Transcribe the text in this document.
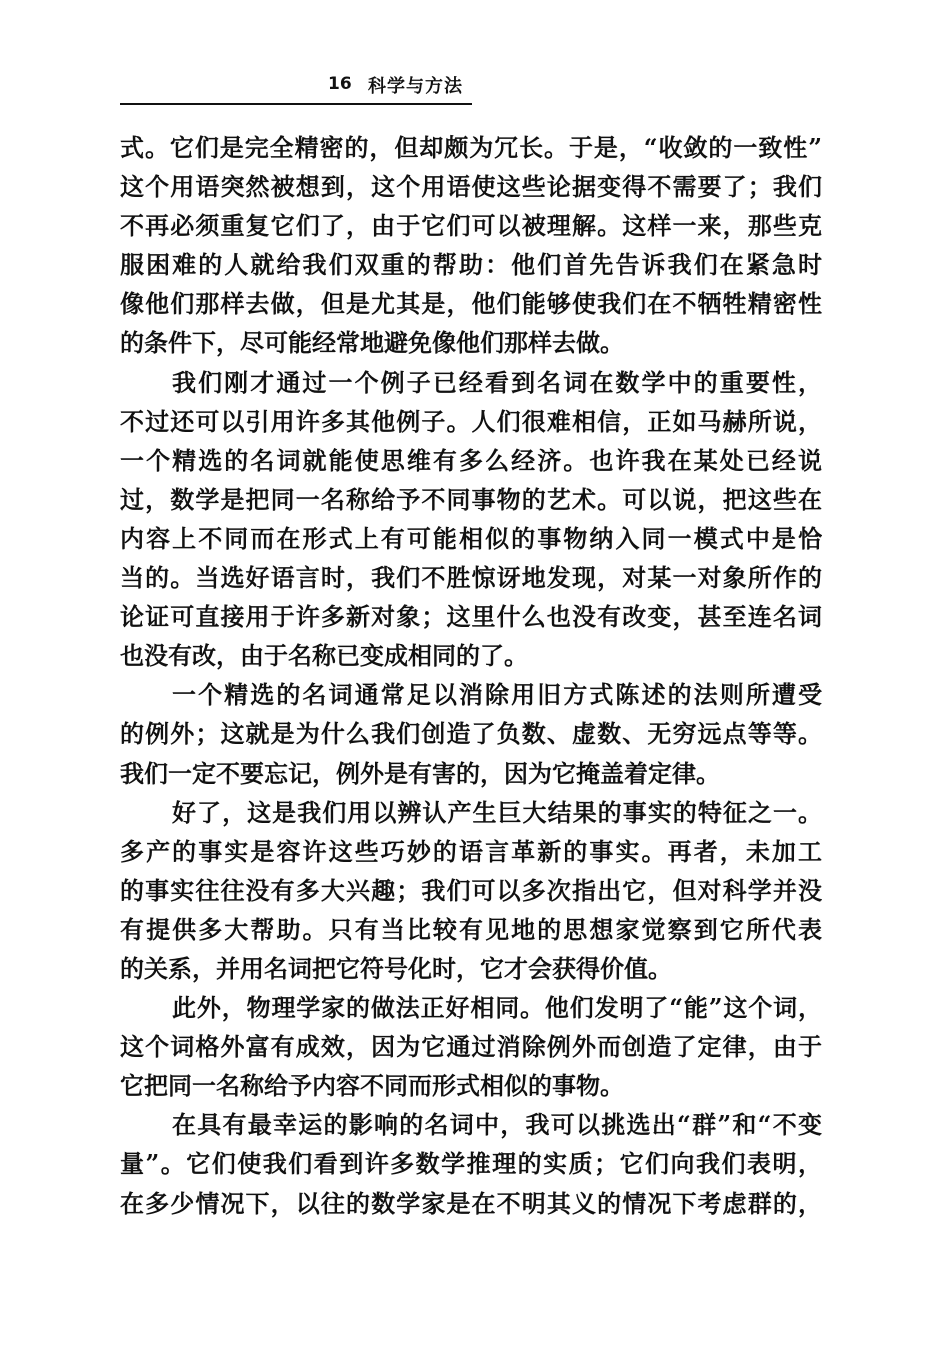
16 科学与方法
式。它们是完全精密的，但却颇为冗长。于是，“收敛的一致性”
这个用语突然被想到，这个用语使这些论据变得不需要了；我们
不再必须重复它们了，由于它们可以被理解。这样一来，那些克
服困难的人就给我们双重的帮助：他们首先告诉我们在紧急时
像他们那样去做，但是尤其是，他们能够使我们在不牺牲精密性
的条件下，尽可能经常地避免像他们那样去做。
我们刚才通过一个例子已经看到名词在数学中的重要性，
不过还可以引用许多其他例子。人们很难相信，正如马赫所说，
一个精选的名词就能使思维有多么经济。也许我在某处已经说
过，数学是把同一名称给予不同事物的艺术。可以说，把这些在
内容上不同而在形式上有可能相似的事物纳入同一模式中是恰
当的。当选好语言时，我们不胜惊讶地发现，对某一对象所作的
论证可直接用于许多新对象；这里什么也没有改变，甚至连名词
也没有改，由于名称已变成相同的了。
一个精选的名词通常足以消除用旧方式陈述的法则所遭受
的例外；这就是为什么我们创造了负数、虚数、无穷远点等等。
我们一定不要忘记，例外是有害的，因为它掩盖着定律。
好了，这是我们用以辨认产生巨大结果的事实的特征之一。
多产的事实是容许这些巧妙的语言革新的事实。再者，未加工
的事实往往没有多大兴趣；我们可以多次指出它，但对科学并没
有提供多大帮助。只有当比较有见地的思想家觉察到它所代表
的关系，并用名词把它符号化时，它才会获得价值。
此外，物理学家的做法正好相同。他们发明了“能”这个词，
这个词格外富有成效，因为它通过消除例外而创造了定律，由于
它把同一名称给予内容不同而形式相似的事物。
在具有最幸运的影响的名词中，我可以挑选出“群”和“不变
量”。它们使我们看到许多数学推理的实质；它们向我们表明，
在多少情况下，以往的数学家是在不明其义的情况下考虑群的，
